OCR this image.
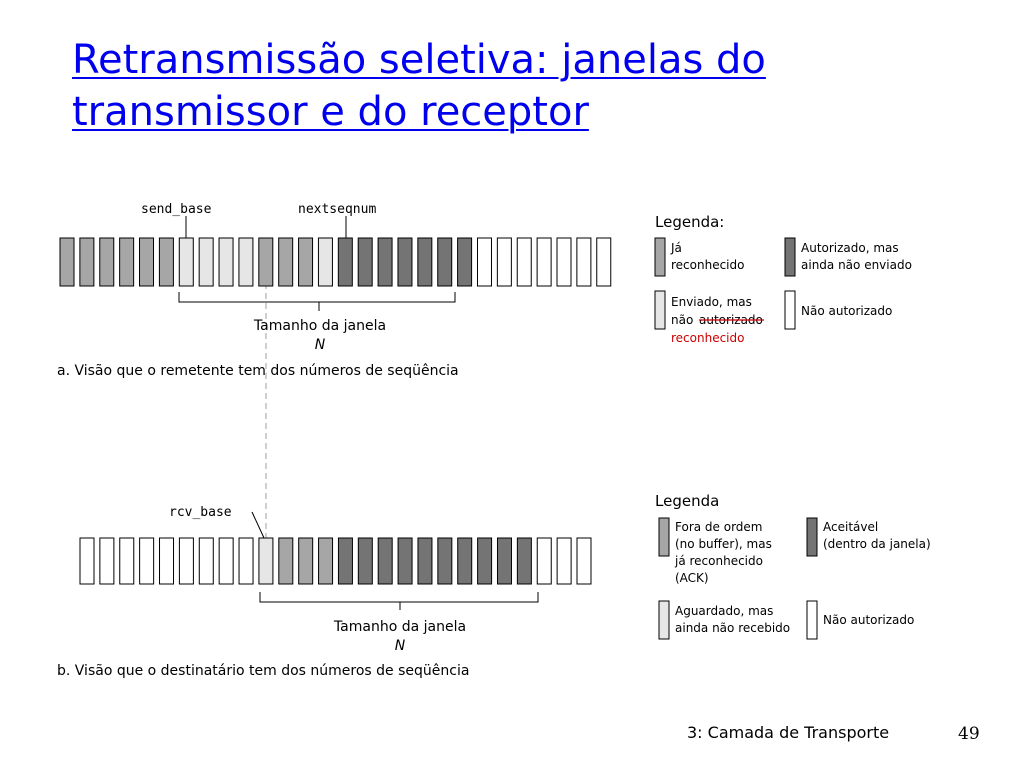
Retransmissão seletiva: janelas do
transmissor e do receptor
send_base	nextseqnum
Tamanho da janela
N
a. Visão que o remetente tem dos números de seqüência
rcv_base
Tamanho da janela
N
b. Visão que o destinatário tem dos números de seqüência
Legenda:
Já reconhecido
Autorizado, mas ainda não enviado
Enviado, mas não autorizado
reconhecido
Não autorizado
Legenda
Fora de ordem (no buffer), mas já reconhecido (ACK)
Aceitável (dentro da janela)
Aguardado, mas ainda não recebido
Não autorizado
3: Camada de Transporte	49
